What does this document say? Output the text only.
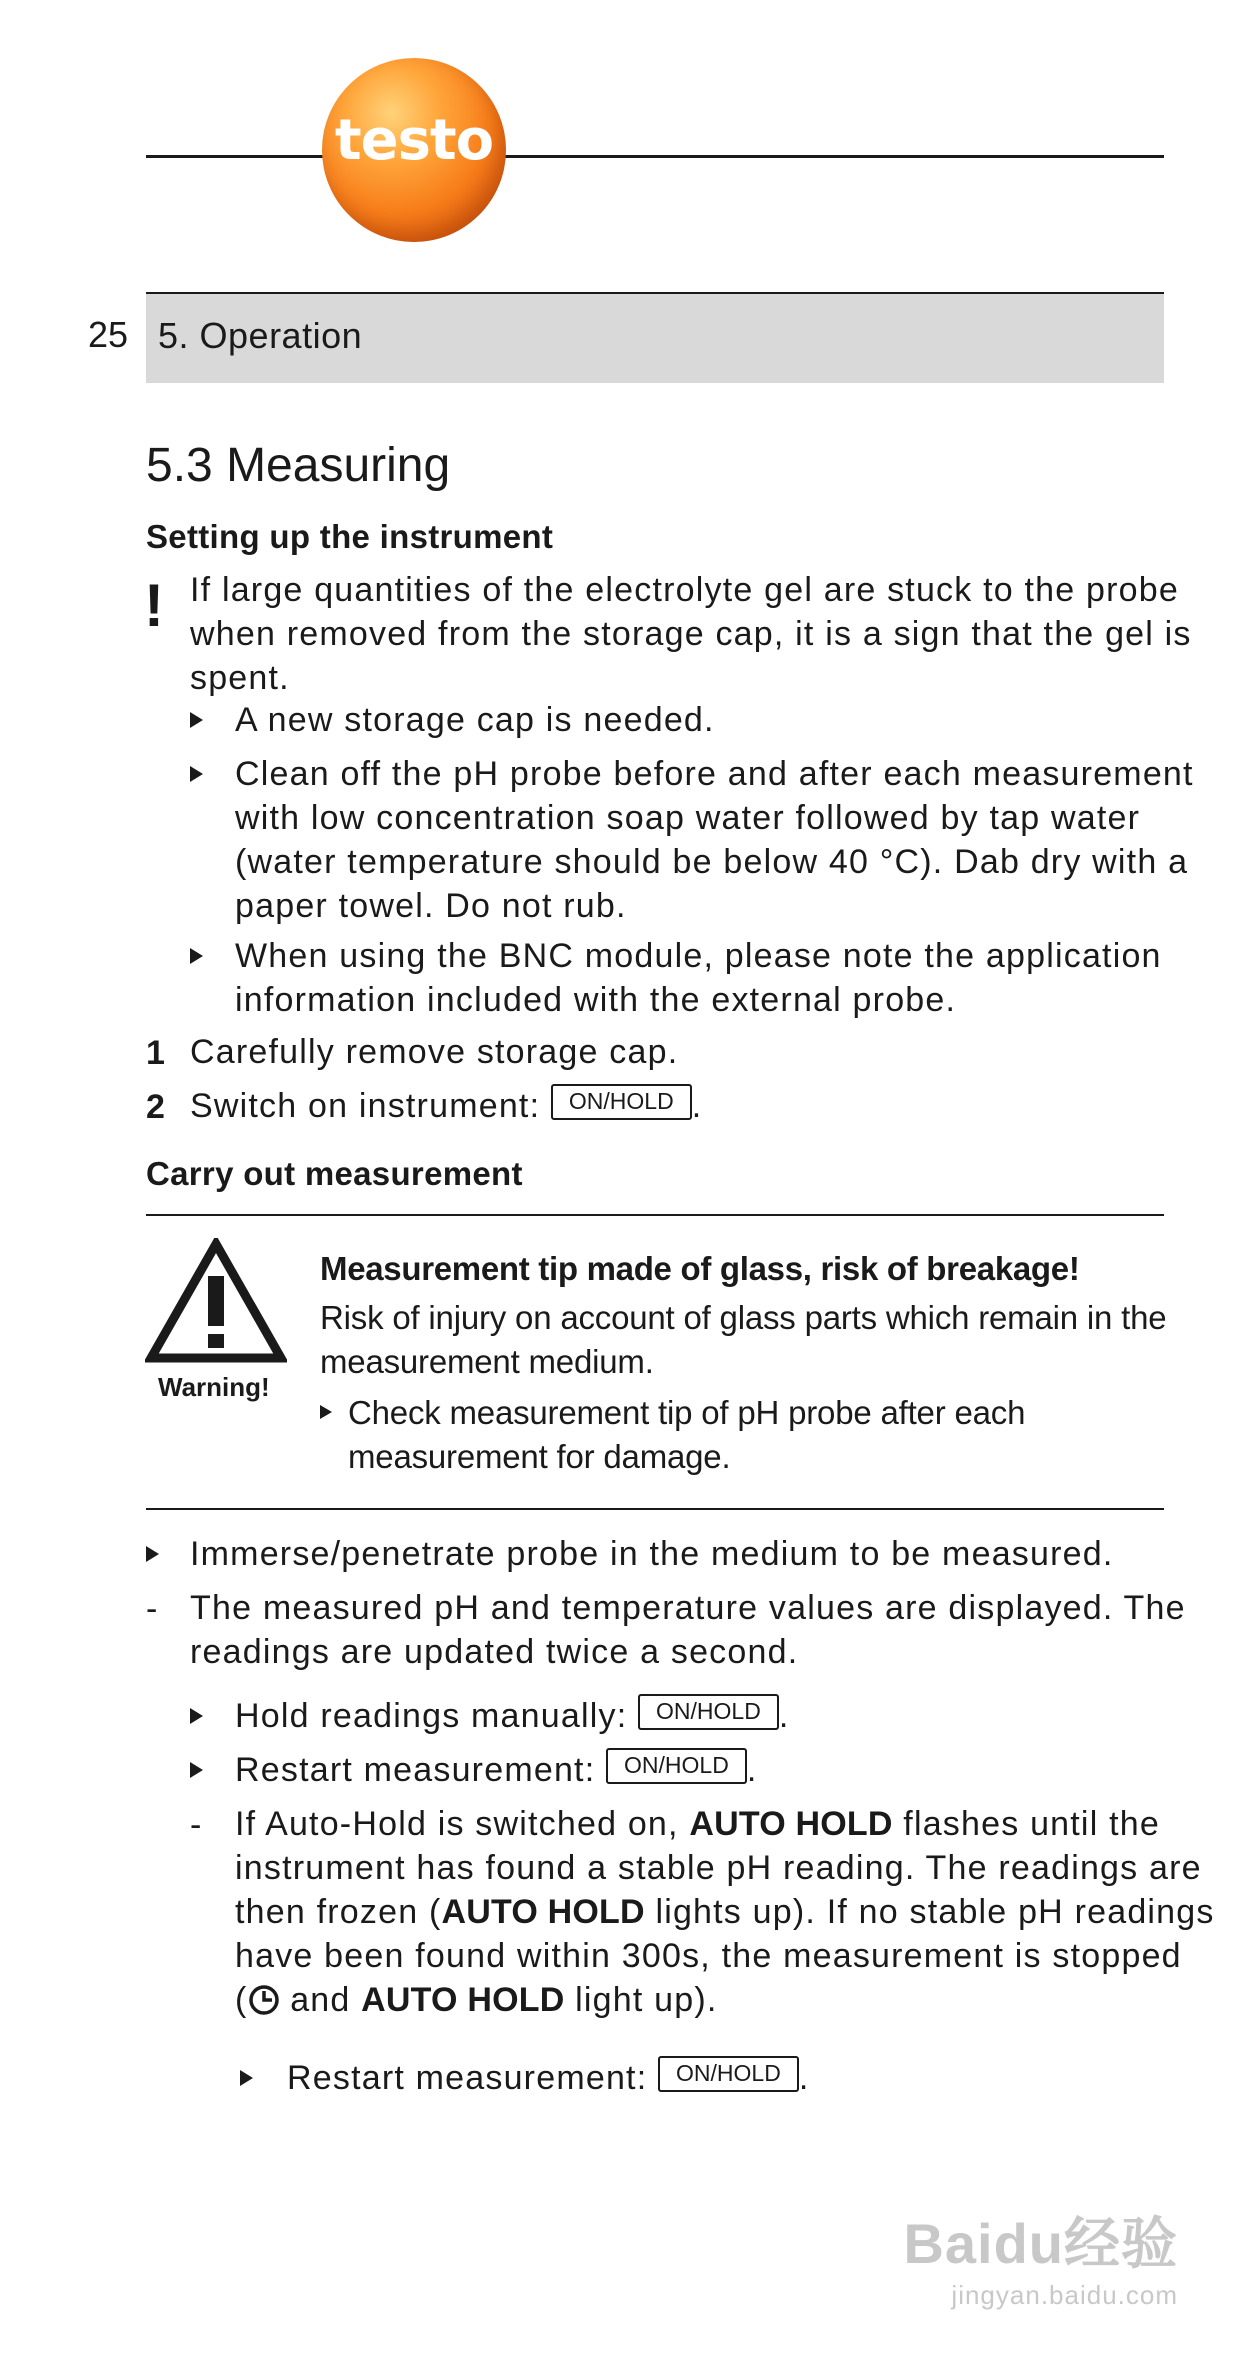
testo
25 5. Operation
5.3 Measuring
Setting up the instrument
! If large quantities of the electrolyte gel are stuck to the probe
when removed from the storage cap, it is a sign that the gel is
spent.
A new storage cap is needed.
Clean off the pH probe before and after each measurement
with low concentration soap water followed by tap water
(water temperature should be below 40 °C). Dab dry with a
paper towel. Do not rub.
When using the BNC module, please note the application
information included with the external probe.
1 Carefully remove storage cap.
2 Switch on instrument: ON/HOLD .
Carry out measurement
Warning!
Measurement tip made of glass, risk of breakage!
Risk of injury on account of glass parts which remain in the
measurement medium.
Check measurement tip of pH probe after each
measurement for damage.
Immerse/penetrate probe in the medium to be measured.
- The measured pH and temperature values are displayed. The
readings are updated twice a second.
Hold readings manually: ON/HOLD .
Restart measurement: ON/HOLD .
- If Auto-Hold is switched on, AUTO HOLD flashes until the
instrument has found a stable pH reading. The readings are
then frozen (AUTO HOLD lights up). If no stable pH readings
have been found within 300s, the measurement is stopped
( and AUTO HOLD light up).
Restart measurement: ON/HOLD .
Baidu经验
jingyan.baidu.com
